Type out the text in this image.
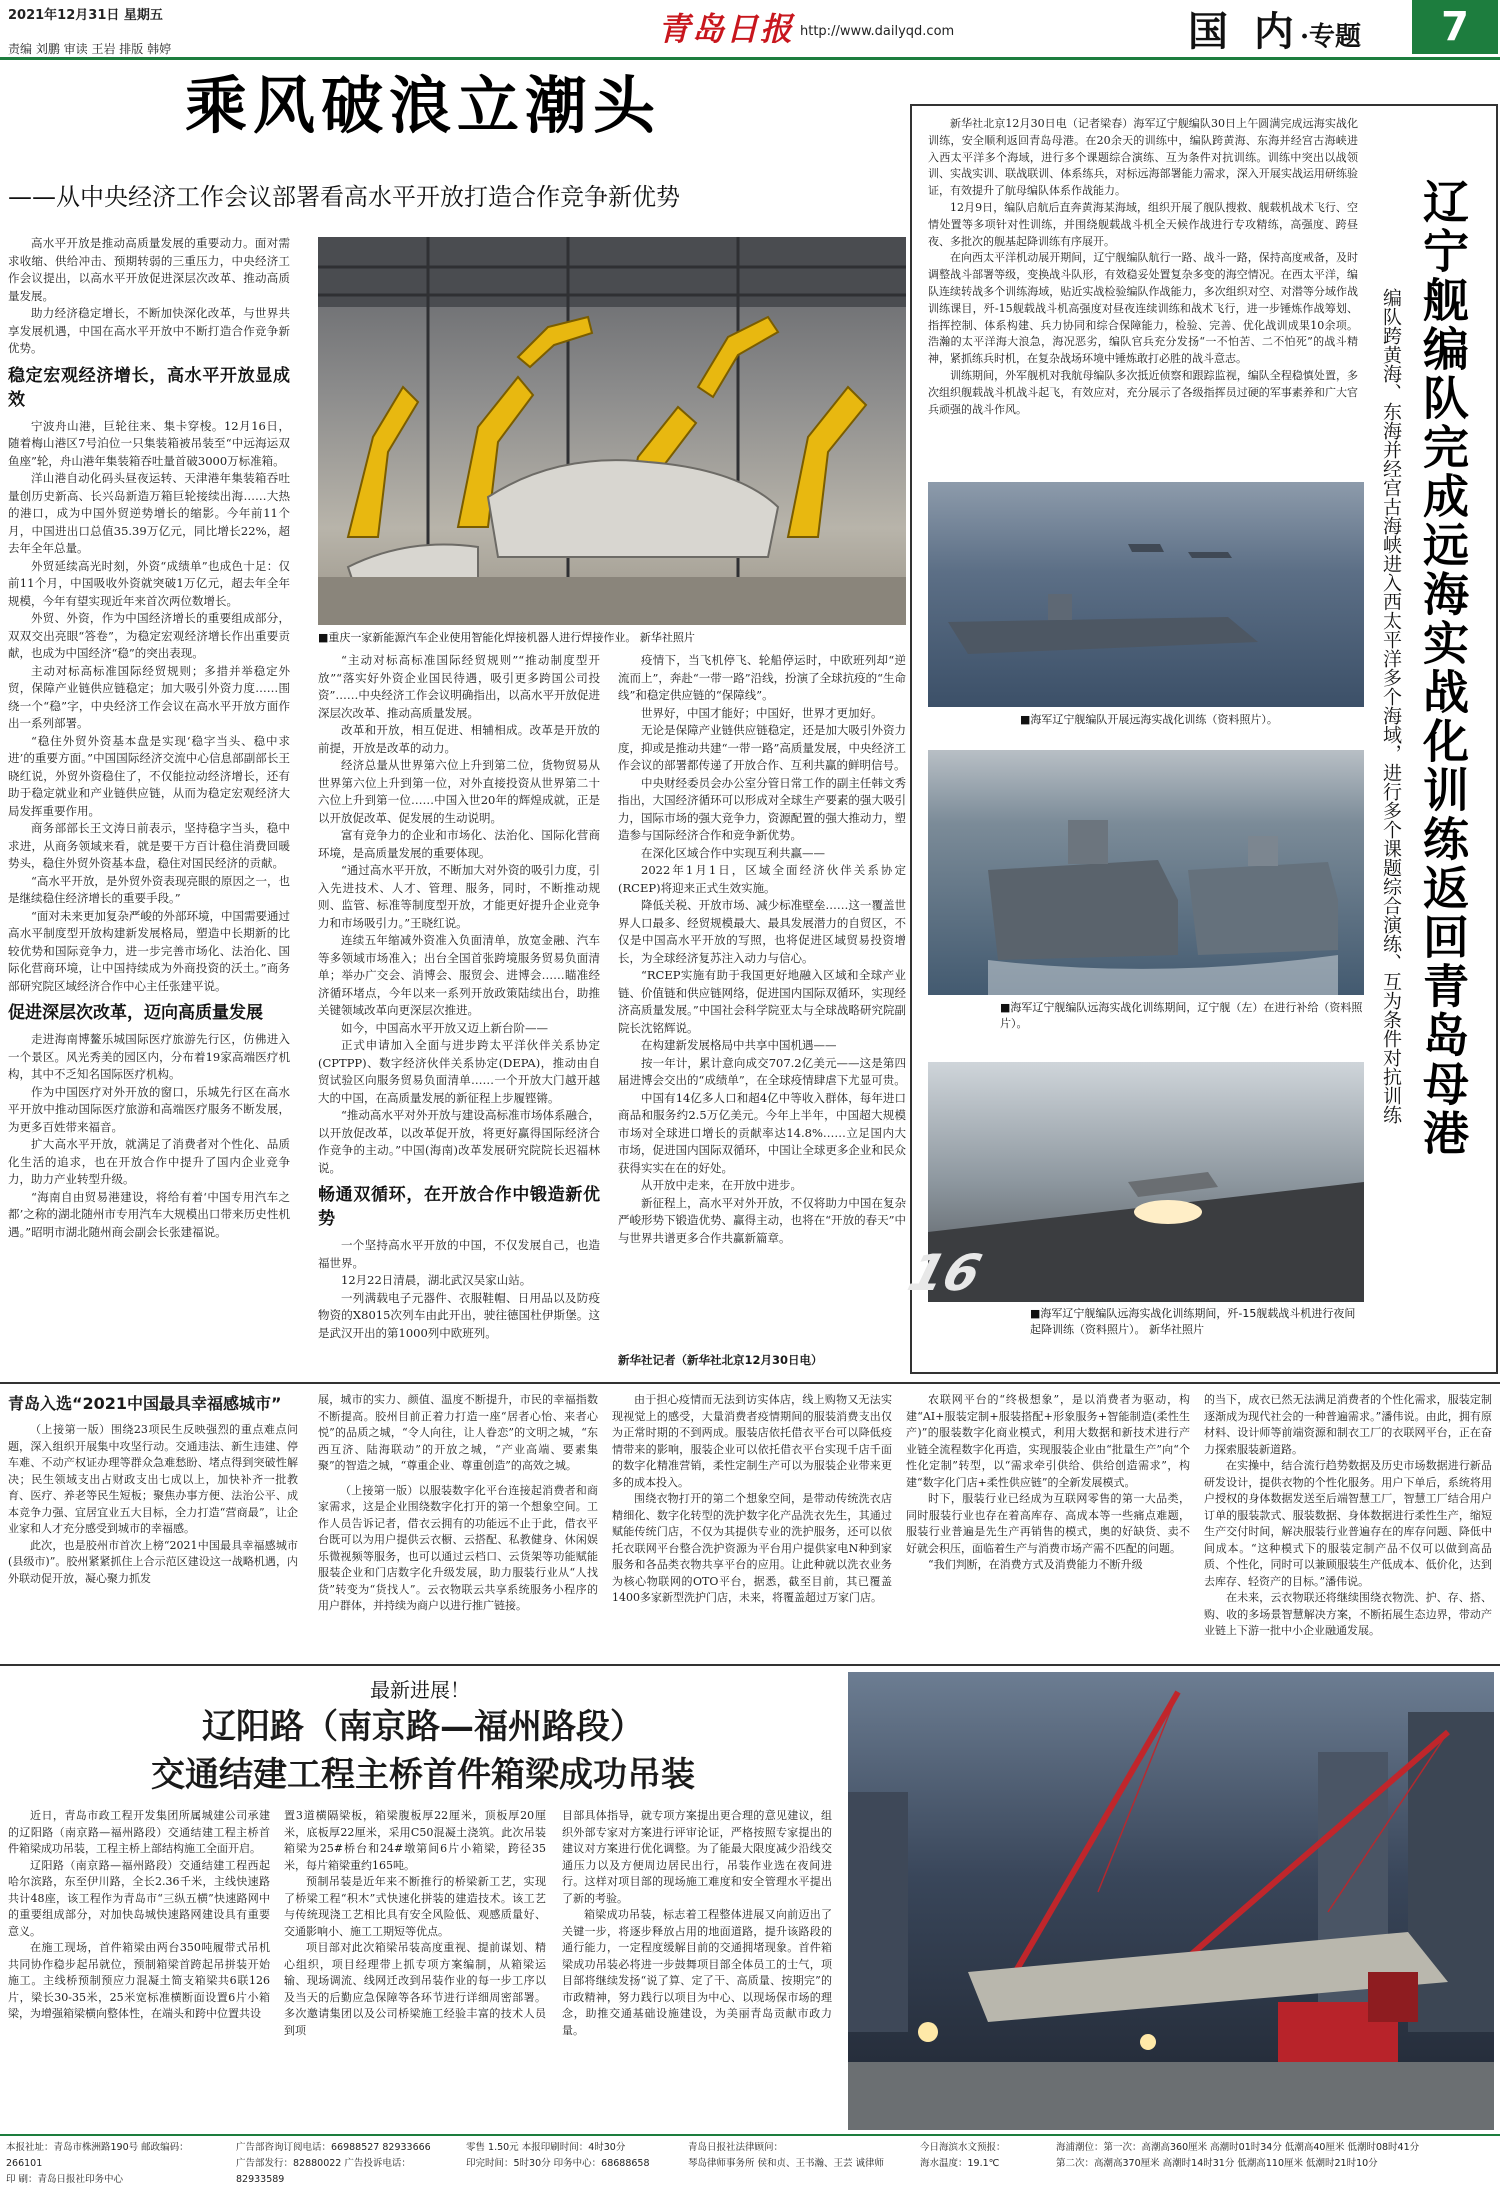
2021年12月31日 星期五
责编 刘鹏 审读 王岩 排版 韩婷
青岛日报 http://www.dailyqd.com	国 内·专题	7
乘风破浪立潮头
——从中央经济工作会议部署看高水平开放打造合作竞争新优势

高水平开放是推动高质量发展的重要动力。面对需求收缩、供给冲击、预期转弱的三重压力，中央经济工作会议提出，以高水平开放促进深层次改革、推动高质量发展。

助力经济稳定增长，不断加快深化改革，与世界共享发展机遇，中国在高水平开放中不断打造合作竞争新优势。

稳定宏观经济增长，高水平开放显成效

宁波舟山港，巨轮往来、集卡穿梭。12月16日，随着梅山港区7号泊位一只集装箱被吊装至“中远海运双鱼座”轮，舟山港年集装箱吞吐量首破3000万标准箱。

洋山港自动化码头昼夜运转、天津港年集装箱吞吐量创历史新高、长兴岛新造万箱巨轮接续出海……大热的港口，成为中国外贸逆势增长的缩影。今年前11个月，中国进出口总值35.39万亿元，同比增长22%，超去年全年总量。

外贸延续高光时刻，外资“成绩单”也成色十足：仅前11个月，中国吸收外资就突破1万亿元，超去年全年规模，今年有望实现近年来首次两位数增长。

外贸、外资，作为中国经济增长的重要组成部分，双双交出亮眼“答卷”，为稳定宏观经济增长作出重要贡献，也成为中国经济“稳”的突出表现。

主动对标高标准国际经贸规则；多措并举稳定外贸，保障产业链供应链稳定；加大吸引外资力度……围绕一个“稳”字，中央经济工作会议在高水平开放方面作出一系列部署。

“稳住外贸外资基本盘是实现‘稳字当头、稳中求进’的重要方面。”中国国际经济交流中心信息部副部长王晓红说，外贸外资稳住了，不仅能拉动经济增长，还有助于稳定就业和产业链供应链，从而为稳定宏观经济大局发挥重要作用。

商务部部长王文涛日前表示，坚持稳字当头，稳中求进，从商务领域来看，就是要干方百计稳住消费回暖势头，稳住外贸外资基本盘，稳住对国民经济的贡献。

“高水平开放，是外贸外资表现亮眼的原因之一，也是继续稳住经济增长的重要手段。”

“面对未来更加复杂严峻的外部环境，中国需要通过高水平制度型开放构建新发展格局，塑造中长期新的比较优势和国际竞争力，进一步完善市场化、法治化、国际化营商环境，让中国持续成为外商投资的沃土。”商务部研究院区域经济合作中心主任张建平说。

促进深层次改革，迈向高质量发展

走进海南博鳌乐城国际医疗旅游先行区，仿佛进入一个景区。风光秀美的园区内，分布着19家高端医疗机构，其中不乏知名国际医疗机构。

作为中国医疗对外开放的窗口，乐城先行区在高水平开放中推动国际医疗旅游和高端医疗服务不断发展，为更多百姓带来福音。

扩大高水平开放，就满足了消费者对个性化、品质化生活的追求，也在开放合作中提升了国内企业竞争力，助力产业转型升级。

“海南自由贸易港建设，将给有着‘中国专用汽车之都’之称的湖北随州市专用汽车大规模出口带来历史性机遇。”昭明市湖北随州商会副会长张建福说。

■重庆一家新能源汽车企业使用智能化焊接机器人进行焊接作业。 新华社照片

“主动对标高标准国际经贸规则”“推动制度型开放”“落实好外资企业国民待遇，吸引更多跨国公司投资”……中央经济工作会议明确指出，以高水平开放促进深层次改革、推动高质量发展。

改革和开放，相互促进、相辅相成。改革是开放的前提，开放是改革的动力。

经济总量从世界第六位上升到第二位，货物贸易从世界第六位上升到第一位，对外直接投资从世界第二十六位上升到第一位……中国入世20年的辉煌成就，正是以开放促改革、促发展的生动说明。

富有竞争力的企业和市场化、法治化、国际化营商环境，是高质量发展的重要体现。

“通过高水平开放，不断加大对外资的吸引力度，引入先进技术、人才、管理、服务，同时，不断推动规则、监管、标准等制度型开放，才能更好提升企业竞争力和市场吸引力。”王晓红说。

连续五年缩减外资准入负面清单，放宽金融、汽车等多领域市场准入；出台全国首张跨境服务贸易负面清单；举办广交会、消博会、服贸会、进博会……瞄准经济循环堵点，今年以来一系列开放政策陆续出台，助推关键领域改革向更深层次推进。

如今，中国高水平开放又迈上新台阶——

正式申请加入全面与进步跨太平洋伙伴关系协定(CPTPP)、数字经济伙伴关系协定(DEPA)，推动由自贸试验区向服务贸易负面清单……一个开放大门越开越大的中国，在高质量发展的新征程上步履铿锵。

“推动高水平对外开放与建设高标准市场体系融合，以开放促改革，以改革促开放，将更好赢得国际经济合作竞争的主动。”中国(海南)改革发展研究院院长迟福林说。

畅通双循环，在开放合作中锻造新优势

一个坚持高水平开放的中国，不仅发展自己，也造福世界。

12月22日清晨，湖北武汉吴家山站。

一列满载电子元器件、衣服鞋帽、日用品以及防疫物资的X8015次列车由此开出，驶往德国杜伊斯堡。这是武汉开出的第1000列中欧班列。

疫情下，当飞机停飞、轮船停运时，中欧班列却“逆流而上”，奔赴“一带一路”沿线，扮演了全球抗疫的“生命线”和稳定供应链的“保障线”。

世界好，中国才能好；中国好，世界才更加好。

无论是保障产业链供应链稳定，还是加大吸引外资力度，抑或是推动共建“一带一路”高质量发展，中央经济工作会议的部署都传递了开放合作、互利共赢的鲜明信号。

中央财经委员会办公室分管日常工作的副主任韩文秀指出，大国经济循环可以形成对全球生产要素的强大吸引力，国际市场的强大竞争力，资源配置的强大推动力，塑造参与国际经济合作和竞争新优势。

在深化区域合作中实现互利共赢——

2022年1月1日，区域全面经济伙伴关系协定(RCEP)将迎来正式生效实施。

降低关税、开放市场、减少标准壁垒……这一覆盖世界人口最多、经贸规模最大、最具发展潜力的自贸区，不仅是中国高水平开放的写照，也将促进区域贸易投资增长，为全球经济复苏注入动力与信心。

“RCEP实施有助于我国更好地融入区域和全球产业链、价值链和供应链网络，促进国内国际双循环，实现经济高质量发展。”中国社会科学院亚太与全球战略研究院副院长沈铭辉说。

在构建新发展格局中共享中国机遇——

按一年计，累计意向成交707.2亿美元——这是第四届进博会交出的“成绩单”，在全球疫情肆虐下尤显可贵。

中国有14亿多人口和超4亿中等收入群体，每年进口商品和服务约2.5万亿美元。今年上半年，中国超大规模市场对全球进口增长的贡献率达14.8%……立足国内大市场，促进国内国际双循环，中国让全球更多企业和民众获得实实在在的好处。

从开放中走来，在开放中进步。

新征程上，高水平对外开放，不仅将助力中国在复杂严峻形势下锻造优势、赢得主动，也将在“开放的春天”中与世界共谱更多合作共赢新篇章。

新华社记者（新华社北京12月30日电）

新华社北京12月30日电（记者梁春）海军辽宁舰编队30日上午圆满完成远海实战化训练，安全顺利返回青岛母港。在20余天的训练中，编队跨黄海、东海并经宫古海峡进入西太平洋多个海域，进行多个课题综合演练、互为条件对抗训练。训练中突出以战领训、实战实训、联战联训、体系练兵，对标远海部署能力需求，深入开展实战运用研练验证，有效提升了航母编队体系作战能力。

12月9日，编队启航后直奔黄海某海域，组织开展了舰队搜救、舰载机战术飞行、空情处置等多项针对性训练，并围绕舰载战斗机全天候作战进行专攻精练，高强度、跨昼夜、多批次的舰基起降训练有序展开。

在向西太平洋机动展开期间，辽宁舰编队航行一路、战斗一路，保持高度戒备，及时调整战斗部署等级，变换战斗队形，有效稳妥处置复杂多变的海空情况。在西太平洋，编队连续转战多个训练海域，贴近实战检验编队作战能力，多次组织对空、对潜等分域作战训练课目，歼-15舰载战斗机高强度对昼夜连续训练和战术飞行，进一步锤炼作战筹划、指挥控制、体系构建、兵力协同和综合保障能力，检验、完善、优化战训成果10余项。浩瀚的太平洋海大浪急，海况恶劣，编队官兵充分发扬“一不怕苦、二不怕死”的战斗精神，紧抓练兵时机，在复杂战场环境中锤炼敢打必胜的战斗意志。

训练期间，外军舰机对我航母编队多次抵近侦察和跟踪监视，编队全程稳慎处置，多次组织舰载战斗机战斗起飞，有效应对，充分展示了各级指挥员过硬的军事素养和广大官兵顽强的战斗作风。	辽宁舰编队完成远海实战化训练返回青岛母港
编队跨黄海、东海并经宫古海峡进入西太平洋多个海域，进行多个课题综合演练、互为条件对抗训练
■海军辽宁舰编队开展远海实战化训练（资料照片）。
■海军辽宁舰编队远海实战化训练期间，辽宁舰（左）在进行补给（资料照片）。
16
■海军辽宁舰编队远海实战化训练期间，歼-15舰载战斗机进行夜间起降训练（资料照片）。 新华社照片
青岛入选“2021中国最具幸福感城市”

（上接第一版）围绕23项民生反映强烈的重点难点问题，深入组织开展集中攻坚行动。交通违法、新生违建、停车难、不动产权证办理等群众急难愁盼、堵点得到突破性解决；民生领域支出占财政支出七成以上，加快补齐一批教育、医疗、养老等民生短板；聚焦办事方便、法治公平、成本竞争力强、宜居宜业五大目标，全力打造“营商最”，让企业家和人才充分感受到城市的幸福感。

此次，也是胶州市首次上榜“2021中国最具幸福感城市(县级市)”。胶州紧紧抓住上合示范区建设这一战略机遇，内外联动促开放，凝心聚力抓发

展，城市的实力、颜值、温度不断提升，市民的幸福指数不断提高。胶州目前正着力打造一座“居者心怡、来者心悦”的品质之城，“令人向往，让人眷恋”的文明之城，“东西互济、陆海联动”的开放之城，“产业高端、要素集聚”的智造之城，“尊重企业、尊重创造”的高效之城。

（上接第一版）以服装数字化平台连接起消费者和商家需求，这是企业围绕数字化打开的第一个想象空间。工作人员告诉记者，借衣云拥有的功能远不止于此，借衣平台既可以为用户提供云衣橱、云搭配、私教健身、休闲娱乐微视频等服务，也可以通过云档口、云货架等功能赋能服装企业和门店数字化升级发展，助力服装行业从“人找货”转变为“货找人”。云衣物联云共享系统服务小程序的用户群体，并持续为商户以进行推广链接。

由于担心疫情而无法到访实体店，线上购物又无法实现视觉上的感受，大量消费者疫情期间的服装消费支出仅为正常时期的不到两成。服装店依托借衣平台可以降低疫情带来的影响，服装企业可以依托借衣平台实现千店千面的数字化精准营销，柔性定制生产可以为服装企业带来更多的成本投入。

围绕衣物打开的第二个想象空间，是带动传统洗衣店精细化、数字化转型的洗护数字化产品洗衣先生，其通过赋能传统门店，不仅为其提供专业的洗护服务，还可以依托衣联网平台整合洗护资源为平台用户提供家电N种到家服务和各品类衣物共享平台的应用。让此种就以洗衣业务为核心物联网的OTO平台，据悉，截至目前，其已覆盖1400多家新型洗护门店，未来，将覆盖超过万家门店。

农联网平台的“终极想象”，是以消费者为驱动，构建“AI+服装定制+服装搭配+形象服务+智能制造(柔性生产)”的服装数字化商业模式，利用大数据和新技术进行产业链全流程数字化再造，实现服装企业由“批量生产”向“个性化定制”转型，以“需求牵引供给、供给创造需求”，构建“数字化门店+柔性供应链”的全新发展模式。

时下，服装行业已经成为互联网零售的第一大品类，同时服装行业也存在着高库存、高成本等一些痛点难题，服装行业普遍是先生产再销售的模式，奥的好缺货、卖不好就会积压，面临着生产与消费市场产需不匹配的问题。

“我们判断，在消费方式及消费能力不断升级

的当下，成衣已然无法满足消费者的个性化需求，服装定制逐渐成为现代社会的一种普遍需求。”潘伟说。由此，拥有原材料、设计师等前端资源和制衣工厂的衣联网平台，正在奋力探索服装新道路。

在实操中，结合流行趋势数据及历史市场数据进行新品研发设计，提供衣物的个性化服务。用户下单后，系统将用户授权的身体数据发送至后端智慧工厂，智慧工厂结合用户订单的服装款式、服装数据、身体数据进行柔性生产，缩短生产交付时间，解决服装行业普遍存在的库存问题、降低中间成本。“这种模式下的服装定制产品不仅可以做到高品质、个性化，同时可以兼顾服装生产低成本、低价化，达到去库存、轻资产的目标。”潘伟说。

在未来，云衣物联还将继续围绕衣物洗、护、存、搭、购、收的多场景智慧解决方案，不断拓展生态边界，带动产业链上下游一批中小企业融通发展。

最新进展！
辽阳路（南京路—福州路段）
交通结建工程主桥首件箱梁成功吊装

近日，青岛市政工程开发集团所属城建公司承建的辽阳路（南京路—福州路段）交通结建工程主桥首件箱梁成功吊装，工程主桥上部结构施工全面开启。

辽阳路（南京路—福州路段）交通结建工程西起哈尔滨路，东至伊川路，全长2.36千米，主线快速路共计48座，该工程作为青岛市“三纵五横”快速路网中的重要组成部分，对加快岛城快速路网建设具有重要意义。

在施工现场，首件箱梁由两台350吨履带式吊机共同协作稳步起吊就位，预制箱梁首跨起吊拼装开始施工。主线桥预制预应力混凝土简支箱梁共6联126片，梁长30-35米，25米宽标准横断面设置6片小箱梁，为增强箱梁横向整体性，在端头和跨中位置共设

置3道横隔梁板，箱梁腹板厚22厘米，顶板厚20厘米，底板厚22厘米，采用C50混凝土浇筑。此次吊装箱梁为25#桥台和24#墩第间6片小箱梁，跨径35米，每片箱梁重约165吨。

预制吊装是近年来不断推行的桥梁新工艺，实现了桥梁工程“积木”式快速化拼装的建造技术。该工艺与传统现浇工艺相比具有安全风险低、观感质量好、交通影响小、施工工期短等优点。

项目部对此次箱梁吊装高度重视、提前谋划、精心组织，项目经理带上抓专项方案编制，从箱梁运输、现场调流、线网迁改到吊装作业的每一步工序以及当天的后勤应急保障等各环节进行详细周密部署。多次邀请集团以及公司桥梁施工经验丰富的技术人员到项

目部具体指导，就专项方案提出更合理的意见建议，组织外部专家对方案进行评审论证，严格按照专家提出的建议对方案进行优化调整。为了能最大限度减少沿线交通压力以及方便周边居民出行，吊装作业选在夜间进行。这样对项目部的现场施工难度和安全管理水平提出了新的考验。

箱梁成功吊装，标志着工程整体进展又向前迈出了关键一步，将逐步释放占用的地面道路，提升该路段的通行能力，一定程度缓解目前的交通拥堵现象。首件箱梁成功吊装必将进一步鼓舞项目部全体员工的士气，项目部将继续发扬“说了算、定了干、高质量、按期完”的市政精神，努力践行以项目为中心、以现场保市场的理念，助推交通基础设施建设，为美丽青岛贡献市政力量。

本报社址：青岛市株洲路190号 邮政编码：266101
印 刷：青岛日报社印务中心
广告部咨询订阅电话：66988527 82933666
广告部发行：82880022 广告投诉电话：82933589
零售 1.50元 本报印刷时间：4时30分
印完时间：5时30分 印务中心：68688658
青岛日报社法律顾问：
琴岛律师事务所 侯和贞、王书瀚、王芸 诚律师
今日海滨水文预报：
海水温度：19.1℃
海浦潮位：第一次：高潮高360厘米 高潮时01时34分 低潮高40厘米 低潮时08时41分
第二次：高潮高370厘米 高潮时14时31分 低潮高110厘米 低潮时21时10分
